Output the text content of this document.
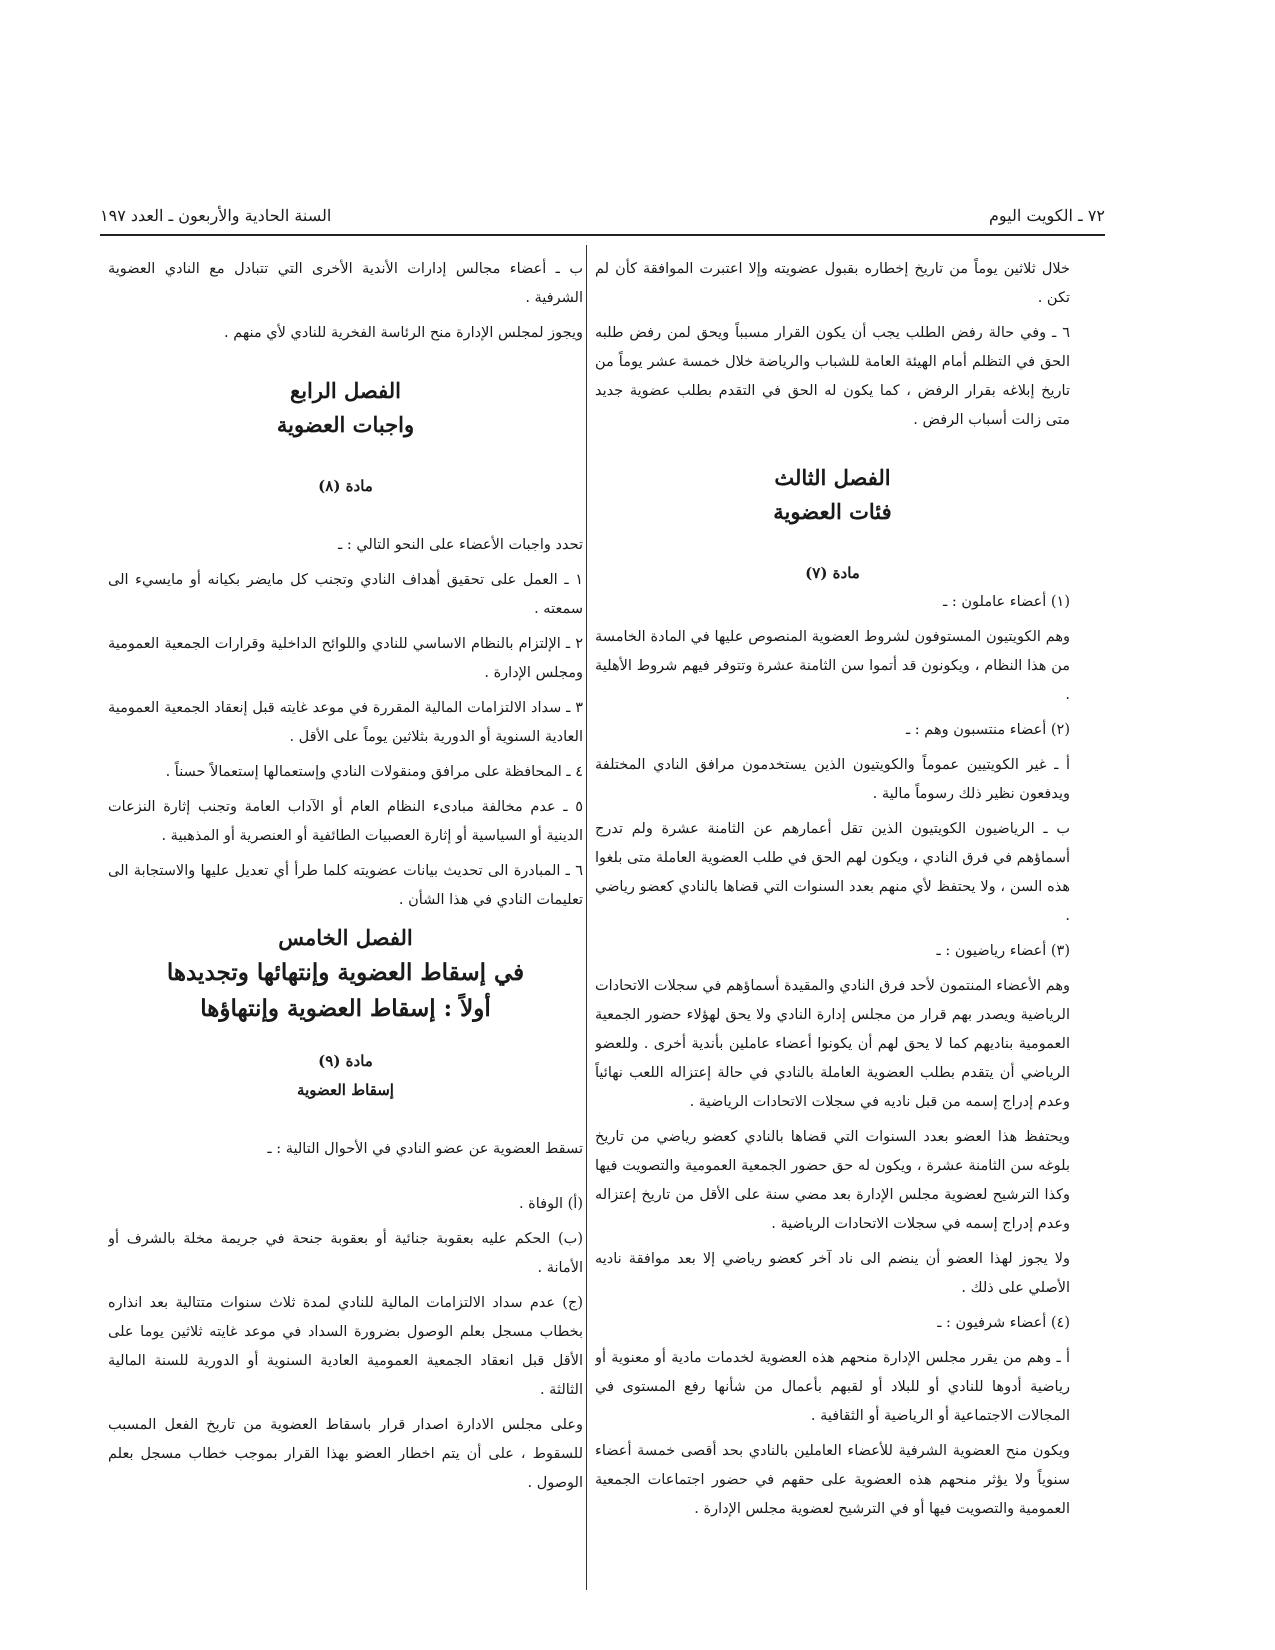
٧٢ ـ الكويت اليوم
السنة الحادية والأربعون ـ العدد ١٩٧

خلال ثلاثين يوماً من تاريخ إخطاره بقبول عضويته وإلا اعتبرت الموافقة كأن لم تكن .

٦ ـ وفي حالة رفض الطلب يجب أن يكون القرار مسبباً ويحق لمن رفض طلبه الحق في التظلم أمام الهيئة العامة للشباب والرياضة خلال خمسة عشر يوماً من تاريخ إبلاغه بقرار الرفض ، كما يكون له الحق في التقدم بطلب عضوية جديد متى زالت أسباب الرفض .

الفصل الثالث

فئات العضوية

مادة (٧)

(١) أعضاء عاملون : ـ

وهم الكويتيون المستوفون لشروط العضوية المنصوص عليها في المادة الخامسة من هذا النظام ، ويكونون قد أتموا سن الثامنة عشرة وتتوفر فيهم شروط الأهلية .

(٢) أعضاء منتسبون وهم : ـ

أ ـ غير الكويتيين عموماً والكويتيون الذين يستخدمون مرافق النادي المختلفة ويدفعون نظير ذلك رسوماً مالية .

ب ـ الرياضيون الكويتيون الذين تقل أعمارهم عن الثامنة عشرة ولم تدرج أسماؤهم في فرق النادي ، ويكون لهم الحق في طلب العضوية العاملة متى بلغوا هذه السن ، ولا يحتفظ لأي منهم بعدد السنوات التي قضاها بالنادي كعضو رياضي .

(٣) أعضاء رياضيون : ـ

وهم الأعضاء المنتمون لأحد فرق النادي والمقيدة أسماؤهم في سجلات الاتحادات الرياضية ويصدر بهم قرار من مجلس إدارة النادي ولا يحق لهؤلاء حضور الجمعية العمومية بناديهم كما لا يحق لهم أن يكونوا أعضاء عاملين بأندية أخرى . وللعضو الرياضي أن يتقدم بطلب العضوية العاملة بالنادي في حالة إعتزاله اللعب نهائياً وعدم إدراج إسمه من قبل ناديه في سجلات الاتحادات الرياضية .

ويحتفظ هذا العضو بعدد السنوات التي قضاها بالنادي كعضو رياضي من تاريخ بلوغه سن الثامنة عشرة ، ويكون له حق حضور الجمعية العمومية والتصويت فيها وكذا الترشيح لعضوية مجلس الإدارة بعد مضي سنة على الأقل من تاريخ إعتزاله وعدم إدراج إسمه في سجلات الاتحادات الرياضية .

ولا يجوز لهذا العضو أن ينضم الى ناد آخر كعضو رياضي إلا بعد موافقة ناديه الأصلي على ذلك .

(٤) أعضاء شرفيون : ـ

أ ـ وهم من يقرر مجلس الإدارة منحهم هذه العضوية لخدمات مادية أو معنوية أو رياضية أدوها للنادي أو للبلاد أو لقبهم بأعمال من شأنها رفع المستوى في المجالات الاجتماعية أو الرياضية أو الثقافية .

ويكون منح العضوية الشرفية للأعضاء العاملين بالنادي بحد أقصى خمسة أعضاء سنوياً ولا يؤثر منحهم هذه العضوية على حقهم في حضور اجتماعات الجمعية العمومية والتصويت فيها أو في الترشيح لعضوية مجلس الإدارة .

ب ـ أعضاء مجالس إدارات الأندية الأخرى التي تتبادل مع النادي العضوية الشرفية .

ويجوز لمجلس الإدارة منح الرئاسة الفخرية للنادي لأي منهم .

الفصل الرابع

واجبات العضوية

مادة (٨)

تحدد واجبات الأعضاء على النحو التالي : ـ

١ ـ العمل على تحقيق أهداف النادي وتجنب كل مايضر بكيانه أو مايسيء الى سمعته .

٢ ـ الإلتزام بالنظام الاساسي للنادي واللوائح الداخلية وقرارات الجمعية العمومية ومجلس الإدارة .

٣ ـ سداد الالتزامات المالية المقررة في موعد غايته قبل إنعقاد الجمعية العمومية العادية السنوية أو الدورية بثلاثين يوماً على الأقل .

٤ ـ المحافظة على مرافق ومنقولات النادي وإستعمالها إستعمالاً حسناً .

٥ ـ عدم مخالفة مبادىء النظام العام أو الآداب العامة وتجنب إثارة النزعات الدينية أو السياسية أو إثارة العصبيات الطائفية أو العنصرية أو المذهبية .

٦ ـ المبادرة الى تحديث بيانات عضويته كلما طرأ أي تعديل عليها والاستجابة الى تعليمات النادي في هذا الشأن .

الفصل الخامس

في إسقاط العضوية وإنتهائها وتجديدها

أولاً : إسقاط العضوية وإنتهاؤها

مادة (٩)

إسقاط العضوية

تسقط العضوية عن عضو النادي في الأحوال التالية : ـ

(أ) الوفاة .

(ب) الحكم عليه بعقوبة جنائية أو بعقوبة جنحة في جريمة مخلة بالشرف أو الأمانة .

(ج) عدم سداد الالتزامات المالية للنادي لمدة ثلاث سنوات متتالية بعد انذاره بخطاب مسجل بعلم الوصول بضرورة السداد في موعد غايته ثلاثين يوما على الأقل قبل انعقاد الجمعية العمومية العادية السنوية أو الدورية للسنة المالية الثالثة .

وعلى مجلس الادارة اصدار قرار باسقاط العضوية من تاريخ الفعل المسبب للسقوط ، على أن يتم اخطار العضو بهذا القرار بموجب خطاب مسجل بعلم الوصول .
